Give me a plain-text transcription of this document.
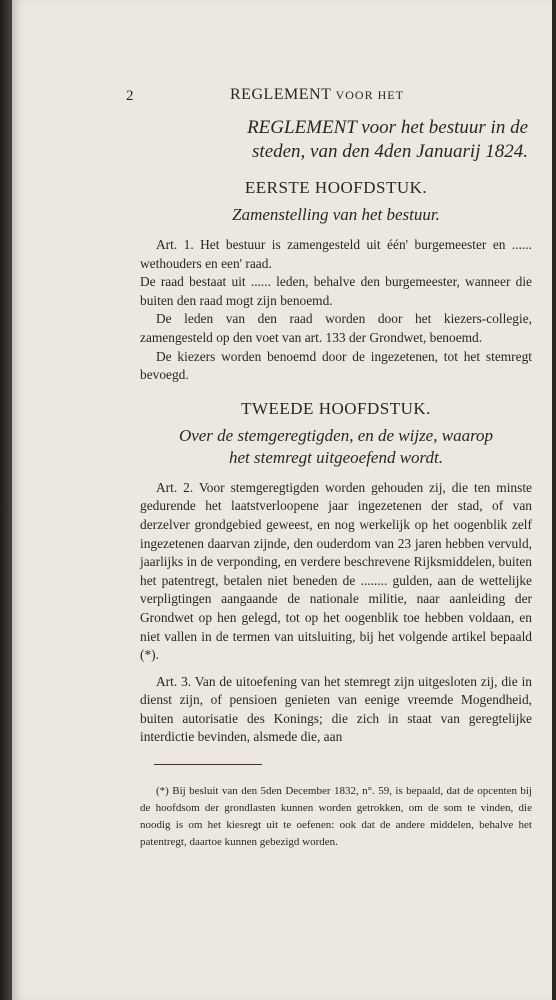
2	REGLEMENT VOOR HET

REGLEMENT voor het bestuur in de

steden, van den 4den Januarij 1824.

EERSTE HOOFDSTUK.

Zamenstelling van het bestuur.

Art. 1. Het bestuur is zamengesteld uit één' burgemeester en ...... wethouders en een' raad.

De raad bestaat uit ...... leden, behalve den burgemeester, wanneer die buiten den raad mogt zijn benoemd.

De leden van den raad worden door het kiezers-collegie, zamengesteld op den voet van art. 133 der Grondwet, benoemd.

De kiezers worden benoemd door de ingezetenen, tot het stemregt bevoegd.

TWEEDE HOOFDSTUK.

Over de stemgeregtigden, en de wijze, waarop

het stemregt uitgeoefend wordt.

Art. 2. Voor stemgeregtigden worden gehouden zij, die ten minste gedurende het laatstverloopene jaar ingezetenen der stad, of van derzelver grondgebied geweest, en nog werkelijk op het oogenblik zelf ingezetenen daarvan zijnde, den ouderdom van 23 jaren hebben vervuld, jaarlijks in de verponding, en verdere beschrevene Rijksmiddelen, buiten het patentregt, betalen niet beneden de ........ gulden, aan de wettelijke verpligtingen aangaande de nationale militie, naar aanleiding der Grondwet op hen gelegd, tot op het oogenblik toe hebben voldaan, en niet vallen in de termen van uitsluiting, bij het volgende artikel bepaald (*).

Art. 3. Van de uitoefening van het stemregt zijn uitgesloten zij, die in dienst zijn, of pensioen genieten van eenige vreemde Mogendheid, buiten autorisatie des Konings; die zich in staat van geregtelijke interdictie bevinden, alsmede die, aan

(*) Bij besluit van den 5den December 1832, n°. 59, is bepaald, dat de opcenten bij de hoofdsom der grondlasten kunnen worden getrokken, om de som te vinden, die noodig is om het kiesregt uit te oefenen: ook dat de andere middelen, behalve het patentregt, daartoe kunnen gebezigd worden.
